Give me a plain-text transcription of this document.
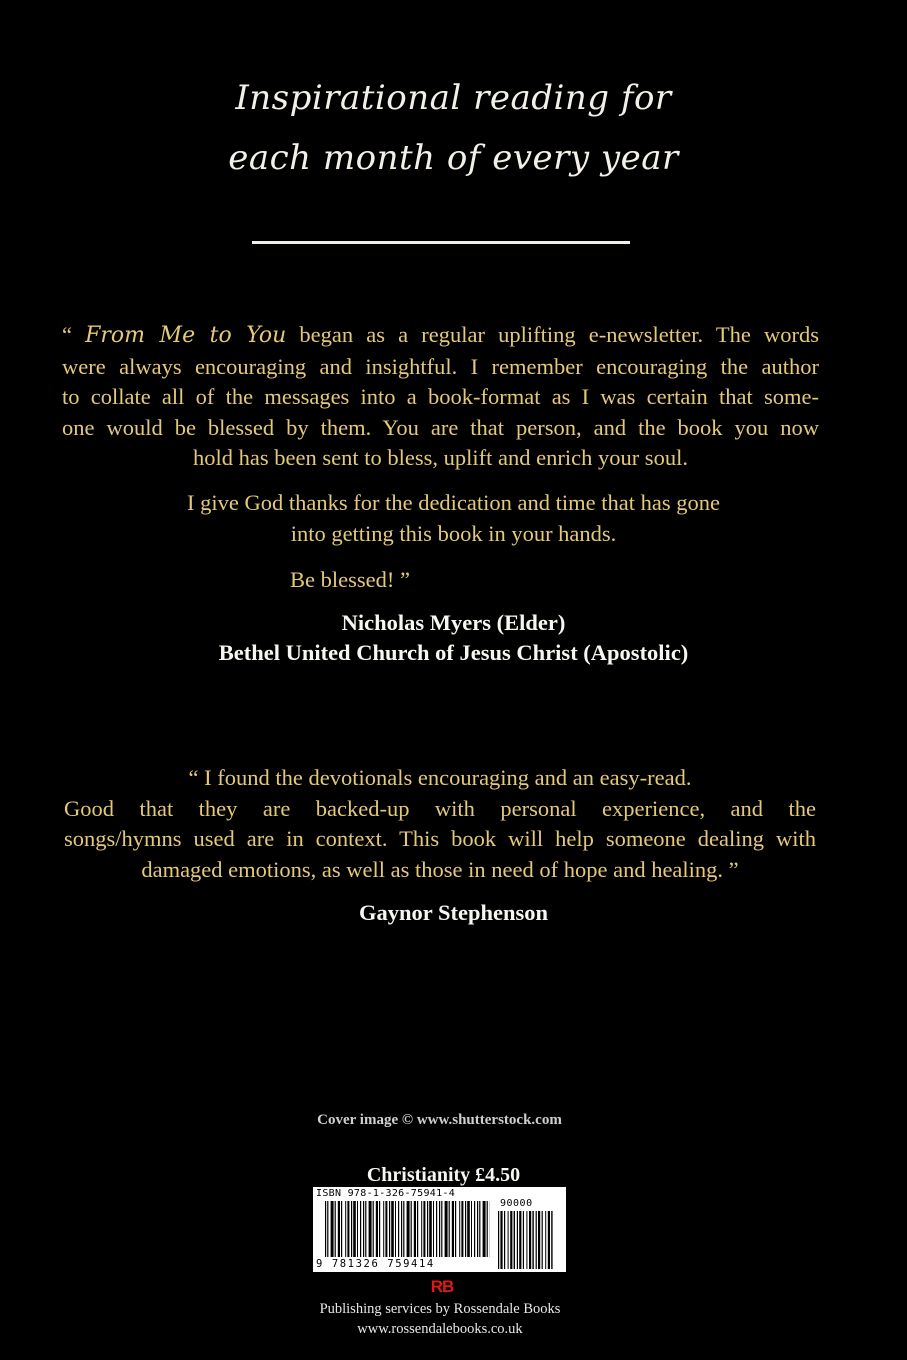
Inspirational reading for
each month of every year
“ From Me to You began as a regular uplifting e-newsletter. The words
were always encouraging and insightful. I remember encouraging the author
to collate all of the messages into a book-format as I was certain that some-
one would be blessed by them. You are that person, and the book you now
hold has been sent to bless, uplift and enrich your soul.
I give God thanks for the dedication and time that has gone
into getting this book in your hands.
Be blessed! ”
Nicholas Myers (Elder)
Bethel United Church of Jesus Christ (Apostolic)
“ I found the devotionals encouraging and an easy-read.
Good that they are backed-up with personal experience, and the
songs/hymns used are in context. This book will help someone dealing with
damaged emotions, as well as those in need of hope and healing. ”
Gaynor Stephenson
Cover image © www.shutterstock.com
Christianity £4.50
ISBN 978-1-326-75941-4
90000
9 781326 759414
RB
Publishing services by Rossendale Books
www.rossendalebooks.co.uk
